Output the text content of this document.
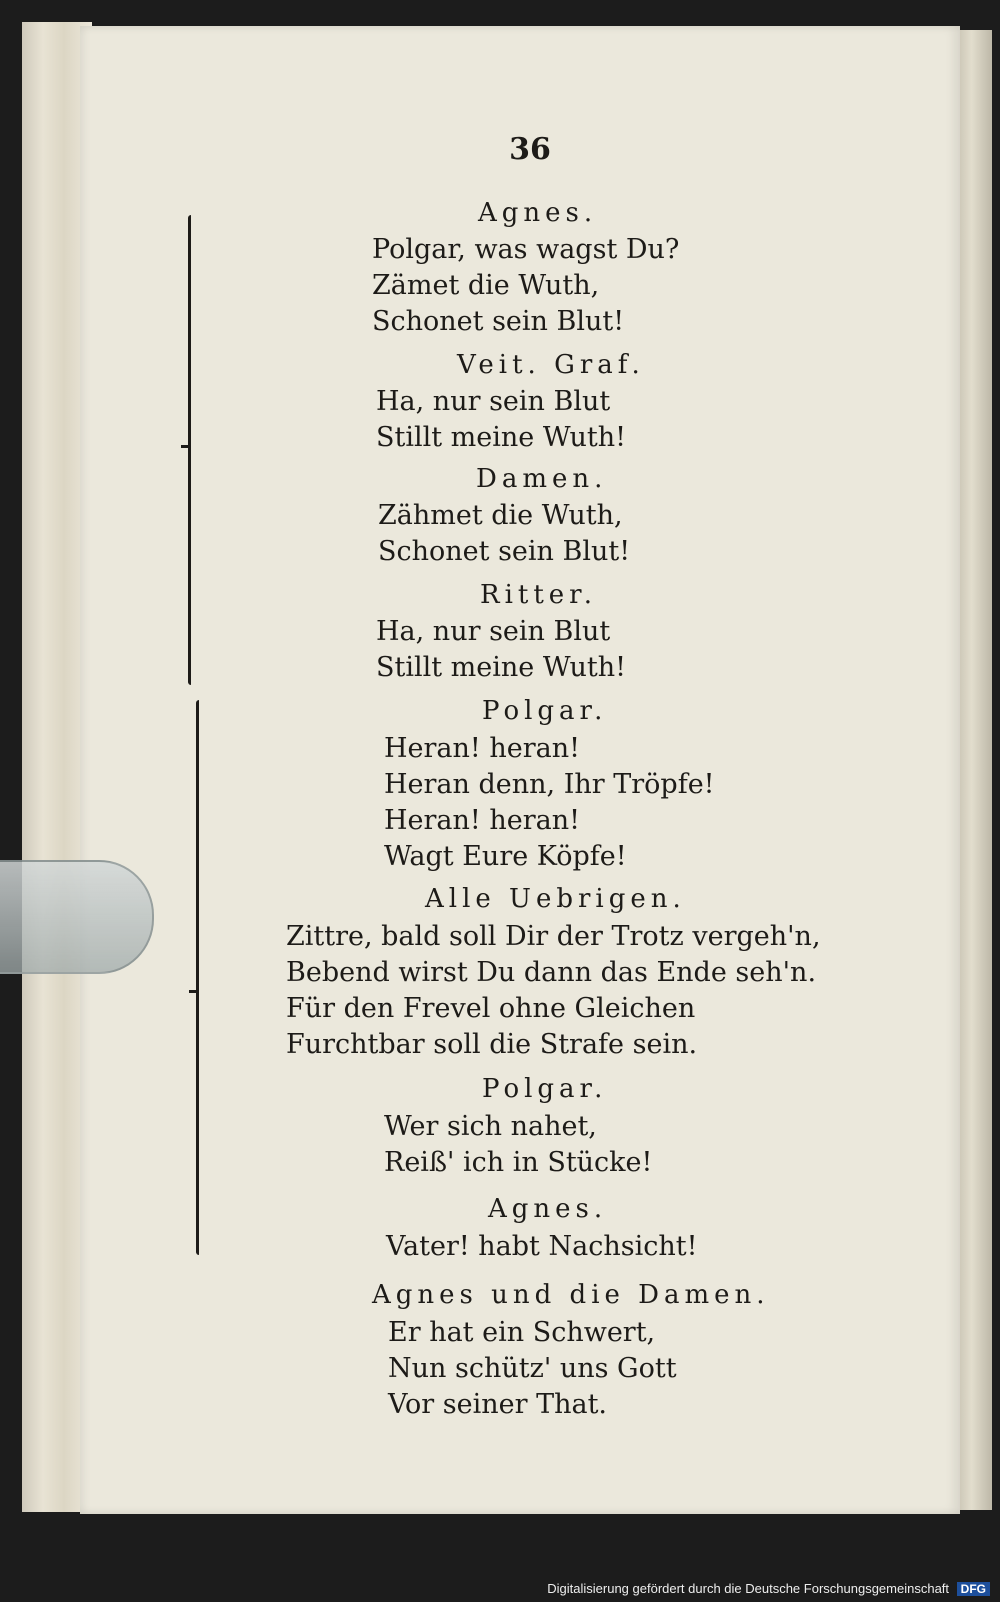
36
Agnes.
Polgar, was wagst Du?
Zämet die Wuth,
Schonet sein Blut!
Veit. Graf.
Ha, nur sein Blut
Stillt meine Wuth!
Damen.
Zähmet die Wuth,
Schonet sein Blut!
Ritter.
Ha, nur sein Blut
Stillt meine Wuth!
Polgar.
Heran! heran!
Heran denn, Ihr Tröpfe!
Heran! heran!
Wagt Eure Köpfe!
Alle Uebrigen.
Zittre, bald soll Dir der Trotz vergeh'n,
Bebend wirst Du dann das Ende seh'n.
Für den Frevel ohne Gleichen
Furchtbar soll die Strafe sein.
Polgar.
Wer sich nahet,
Reiß' ich in Stücke!
Agnes.
Vater! habt Nachsicht!
Agnes und die Damen.
Er hat ein Schwert,
Nun schütz' uns Gott
Vor seiner That.
Digitalisierung gefördert durch die Deutsche Forschungsgemeinschaft DFG
